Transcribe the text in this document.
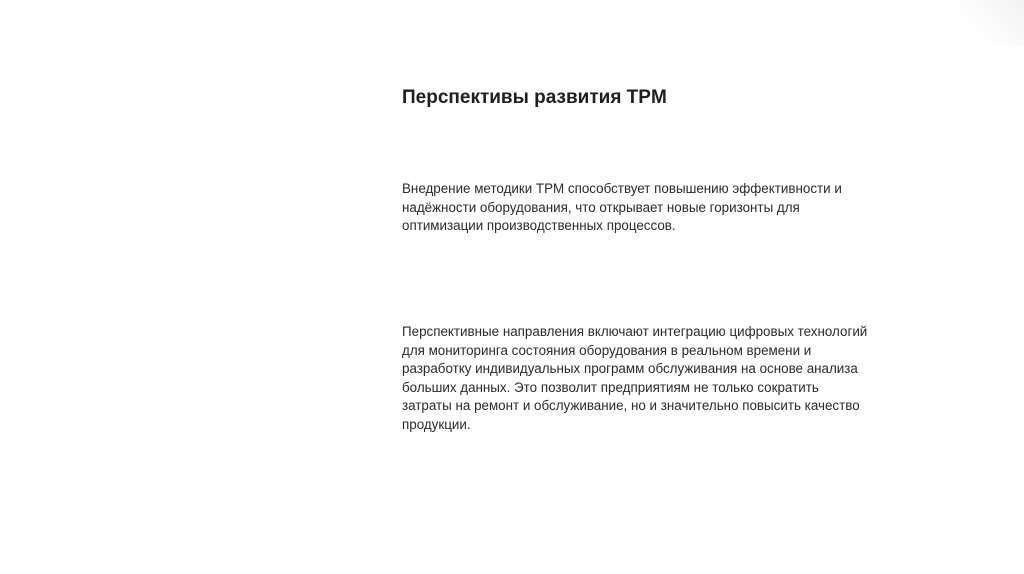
Перспективы развития TPM

Внедрение методики TPM способствует повышению эффективности и надёжности оборудования, что открывает новые горизонты для оптимизации производственных процессов.

Перспективные направления включают интеграцию цифровых технологий для мониторинга состояния оборудования в реальном времени и разработку индивидуальных программ обслуживания на основе анализа больших данных. Это позволит предприятиям не только сократить затраты на ремонт и обслуживание, но и значительно повысить качество продукции.
